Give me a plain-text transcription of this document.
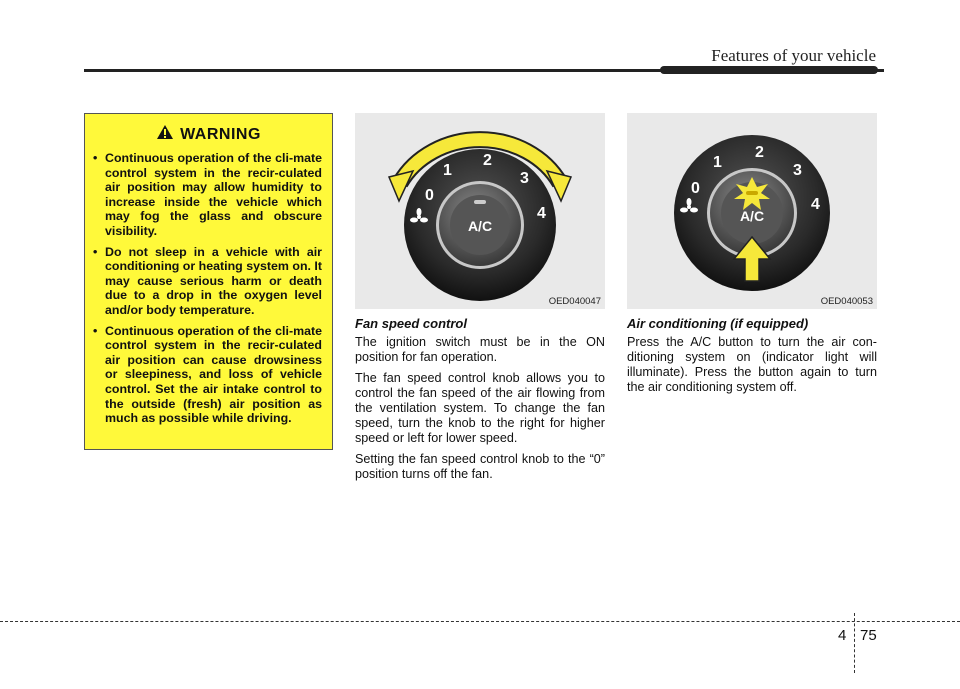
Features of your vehicle
WARNING
• Continuous operation of the cli-mate control system in the recir-culated air position may allow humidity to increase inside the vehicle which may fog the glass and obscure visibility.
• Do not sleep in a vehicle with air conditioning or heating system on. It may cause serious harm or death due to a drop in the oxygen level and/or body temperature.
• Continuous operation of the cli-mate control system in the recir-culated air position can cause drowsiness or sleepiness, and loss of vehicle control. Set the air intake control to the outside (fresh) air position as much as possible while driving.
A/C
0
1
2
3
4
OED040047
A/C
0
1
2
3
4
OED040053
Fan speed control

The ignition switch must be in the ON position for fan operation.

The fan speed control knob allows you to control the fan speed of the air flowing from the ventilation system. To change the fan speed, turn the knob to the right for higher speed or left for lower speed.

Setting the fan speed control knob to the “0” position turns off the fan.

Air conditioning (if equipped)

Press the A/C button to turn the air con-ditioning system on (indicator light will illuminate). Press the button again to turn the air conditioning system off.

4 75
